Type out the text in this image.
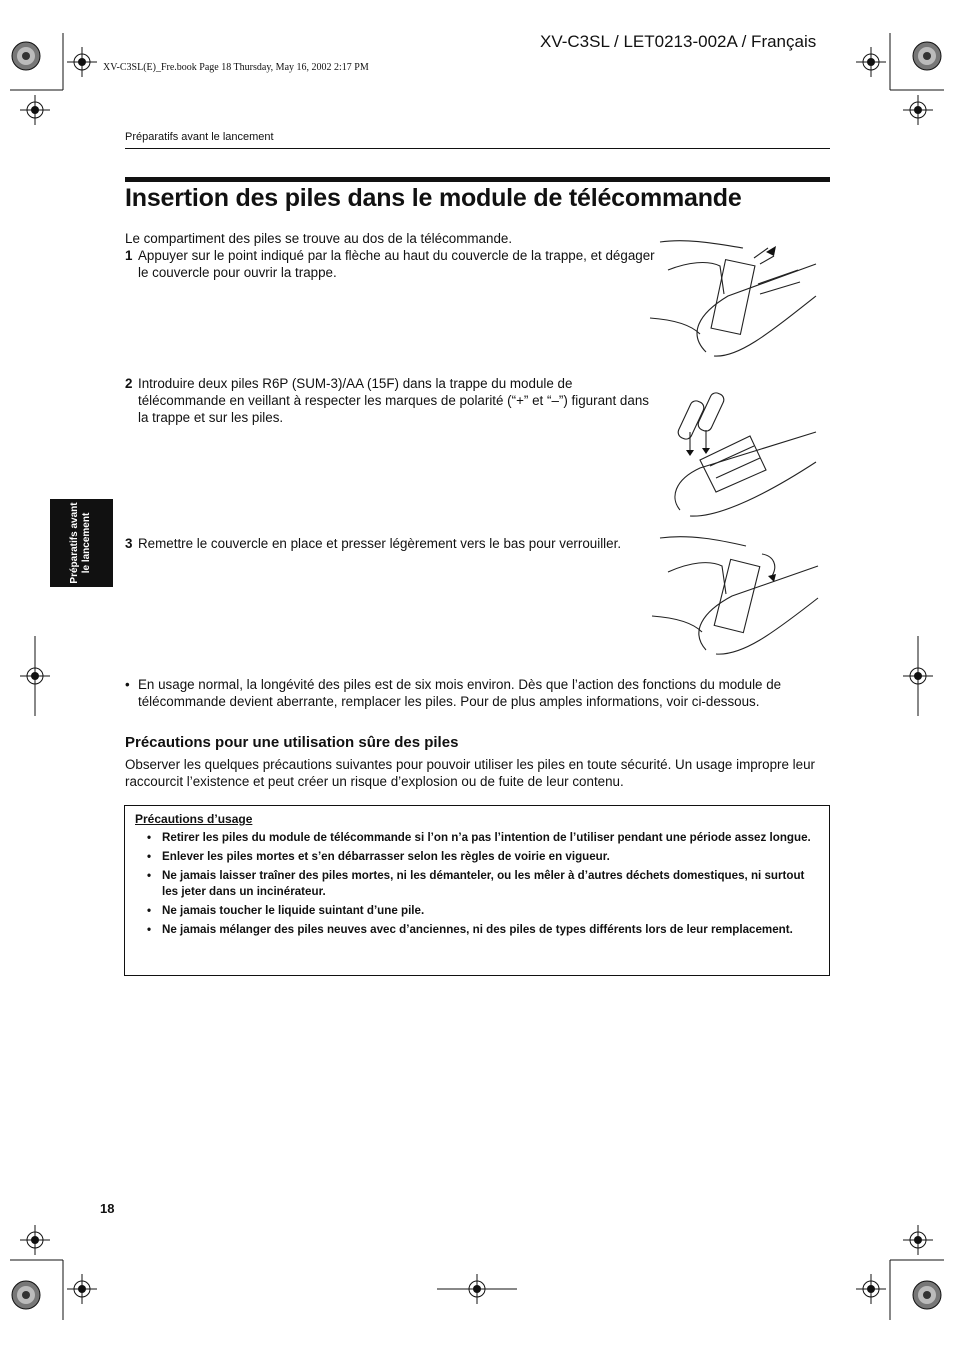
XV-C3SL / LET0213-002A / Français
XV-C3SL(E)_Fre.book Page 18 Thursday, May 16, 2002 2:17 PM
Préparatifs avant le lancement
Insertion des piles dans le module de télécommande
Le compartiment des piles se trouve au dos de la télécommande.
1 Appuyer sur le point indiqué par la flèche au haut du couvercle de la trappe, et dégager le couvercle pour ouvrir la trappe.
2 Introduire deux piles R6P (SUM-3)/AA (15F) dans la trappe du module de télécommande en veillant à respecter les marques de polarité (“+” et “–”) figurant dans la trappe et sur les piles.
3 Remettre le couvercle en place et presser légèrement vers le bas pour verrouiller.
Préparatifs avant le lancement
• En usage normal, la longévité des piles est de six mois environ. Dès que l’action des fonctions du module de télécommande devient aberrante, remplacer les piles. Pour de plus amples informations, voir ci-dessous.
Précautions pour une utilisation sûre des piles
Observer les quelques précautions suivantes pour pouvoir utiliser les piles en toute sécurité. Un usage impropre leur raccourcit l’existence et peut créer un risque d’explosion ou de fuite de leur contenu.
Précautions d’usage
• Retirer les piles du module de télécommande si l’on n’a pas l’intention de l’utiliser pendant une période assez longue.
• Enlever les piles mortes et s’en débarrasser selon les règles de voirie en vigueur.
• Ne jamais laisser traîner des piles mortes, ni les démanteler, ou les mêler à d’autres déchets domestiques, ni surtout les jeter dans un incinérateur.
• Ne jamais toucher le liquide suintant d’une pile.
• Ne jamais mélanger des piles neuves avec d’anciennes, ni des piles de types différents lors de leur remplacement.
18
